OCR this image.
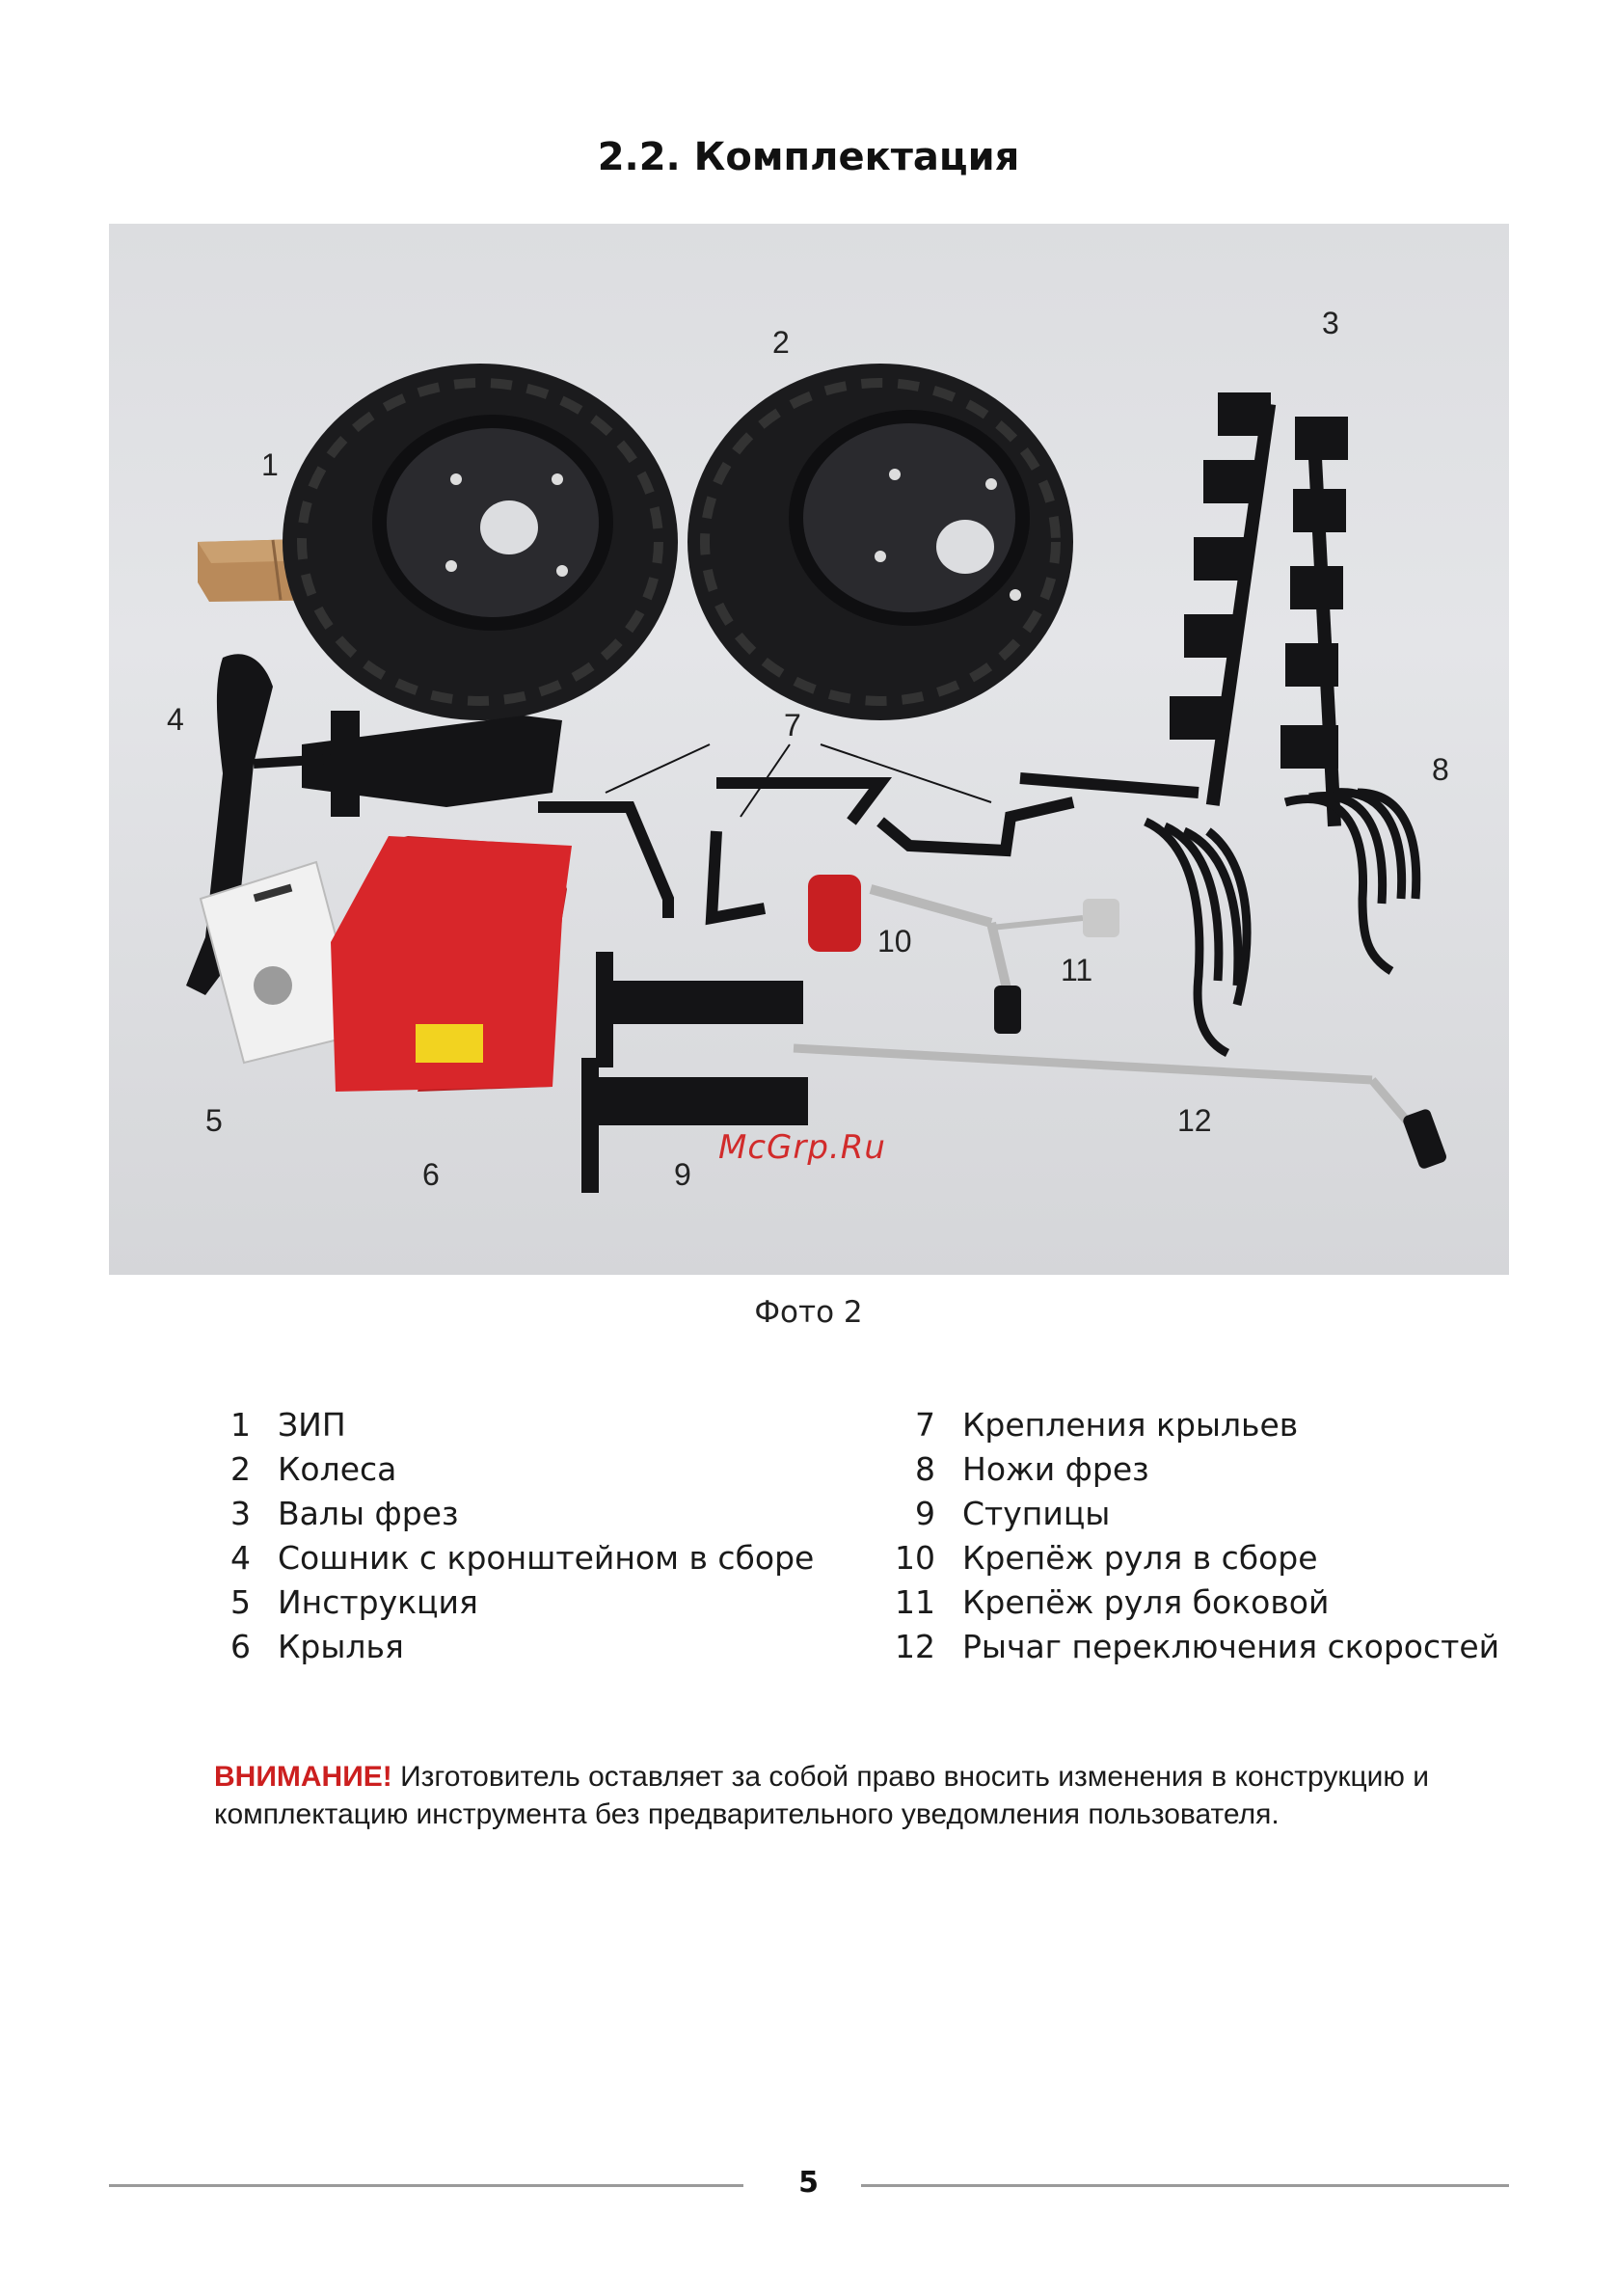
2.2. Комплектация
1
2
3
4
5
6
7
8
9
10
11
12
McGrp.Ru
Фото 2
1 ЗИП
2 Колеса
3 Валы фрез
4 Сошник с кронштейном в сборе
5 Инструкция
6 Крылья
7 Крепления крыльев
8 Ножи фрез
9 Ступицы
10 Крепёж руля в сборе
11 Крепёж руля боковой
12 Рычаг переключения скоростей
ВНИМАНИЕ! Изготовитель оставляет за собой право вносить изменения в конструкцию и комплектацию инструмента без предварительного уведомления пользователя.
5
